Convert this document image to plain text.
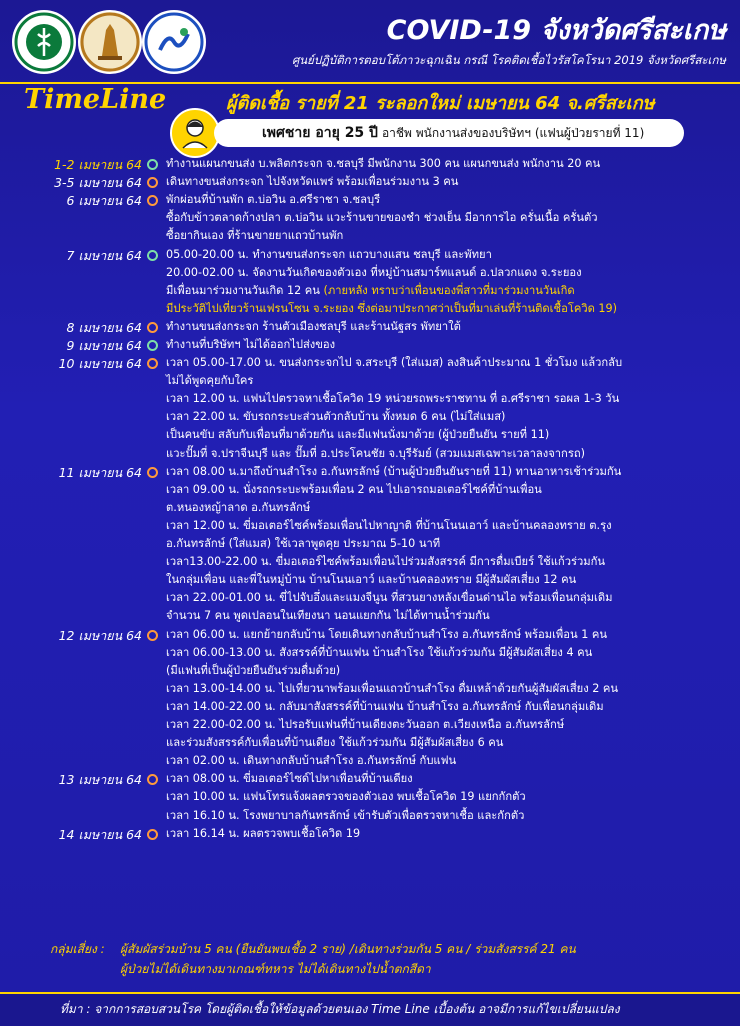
COVID-19 จังหวัดศรีสะเกษ
ศูนย์ปฏิบัติการตอบโต้ภาวะฉุกเฉิน กรณี โรคติดเชื้อไวรัสโคโรนา 2019 จังหวัดศรีสะเกษ
TimeLine	ผู้ติดเชื้อ รายที่ 21 ระลอกใหม่ เมษายน 64 จ.ศรีสะเกษ
เพศชาย อายุ 25 ปี อาชีพ พนักงานส่งของบริษัทฯ (แฟนผู้ป่วยรายที่ 11)
1-2 เมษายน 64 ทำงานแผนกขนส่ง บ.พลิตกระจก จ.ชลบุรี มีพนักงาน 300 คน แผนกขนส่ง พนักงาน 20 คน
3-5 เมษายน 64 เดินทางขนส่งกระจก ไปจังหวัดแพร่ พร้อมเพื่อนร่วมงาน 3 คน
6 เมษายน 64 พักผ่อนที่บ้านพัก ต.บ่อวิน อ.ศรีราชา จ.ชลบุรี
ซื้อกับข้าวตลาดก้างปลา ต.บ่อวิน แวะร้านขายของชำ ช่วงเย็น มีอาการไอ ครั่นเนื้อ ครั่นตัว
ซื้อยากินเอง ที่ร้านขายยาแถวบ้านพัก
7 เมษายน 64 05.00-20.00 น. ทำงานขนส่งกระจก แถวบางแสน ชลบุรี และพัทยา
20.00-02.00 น. จัดงานวันเกิดของตัวเอง ที่หมู่บ้านสมาร์ทแลนด์ อ.ปลวกแดง จ.ระยอง
มีเพื่อนมาร่วมงานวันเกิด 12 คน (ภายหลัง ทราบว่าเพื่อนของพี่สาวที่มาร่วมงานวันเกิด
มีประวัติไปเที่ยวร้านเฟรนโซน จ.ระยอง ซึ่งต่อมาประกาศว่าเป็นที่มาเล่นที่ร้านติดเชื้อโควิด 19)
8 เมษายน 64 ทำงานขนส่งกระจก ร้านตัวเมืองชลบุรี และร้านนัฐสร พัทยาใต้
9 เมษายน 64 ทำงานที่บริษัทฯ ไม่ได้ออกไปส่งของ
10 เมษายน 64 เวลา 05.00-17.00 น. ขนส่งกระจกไป จ.สระบุรี (ใส่แมส) ลงสินค้าประมาณ 1 ชั่วโมง แล้วกลับ
ไม่ได้พูดคุยกับใคร
เวลา 12.00 น. แฟนไปตรวจหาเชื้อโควิด 19 หน่วยรถพระราชทาน ที่ อ.ศรีราชา รอผล 1-3 วัน
เวลา 22.00 น. ขับรถกระบะส่วนตัวกลับบ้าน ทั้งหมด 6 คน (ไม่ใส่แมส)
เป็นคนขับ สลับกับเพื่อนที่มาด้วยกัน และมีแฟนนั่งมาด้วย (ผู้ป่วยยืนยัน รายที่ 11)
แวะปั๊มที่ จ.ปราจีนบุรี และ ปั๊มที่ อ.ประโคนชัย จ.บุรีรัมย์ (สวมแมสเฉพาะเวลาลงจากรถ)
11 เมษายน 64 เวลา 08.00 น.มาถึงบ้านสำโรง อ.กันทรลักษ์ (บ้านผู้ป่วยยืนยันรายที่ 11) ทานอาหารเช้าร่วมกัน
เวลา 09.00 น. นั่งรถกระบะพร้อมเพื่อน 2 คน ไปเอารถมอเตอร์ไซค์ที่บ้านเพื่อน
ต.หนองหญ้าลาด อ.กันทรลักษ์
เวลา 12.00 น. ขี่มอเตอร์ไซค์พร้อมเพื่อนไปหาญาติ ที่บ้านโนนเอาว์ และบ้านคลองทราย ต.รุง
อ.กันทรลักษ์ (ใส่แมส) ใช้เวลาพูดคุย ประมาณ 5-10 นาที
เวลา13.00-22.00 น. ขี่มอเตอร์ไซค์พร้อมเพื่อนไปร่วมสังสรรค์ มีการดื่มเบียร์ ใช้แก้วร่วมกัน
ในกลุ่มเพื่อน และพี่ในหมู่บ้าน บ้านโนนเอาว์ และบ้านคลองทราย มีผู้สัมผัสเสี่ยง 12 คน
เวลา 22.00-01.00 น. ขี่ไปจับอึ่งและแมงจีนูน ที่สวนยางหลังเขื่อนด่านไอ พร้อมเพื่อนกลุ่มเดิม
จำนวน 7 คน พูดเปลอนในเทียงนา นอนแยกกัน ไม่ได้ทานน้ำร่วมกัน
12 เมษายน 64 เวลา 06.00 น. แยกย้ายกลับบ้าน โดยเดินทางกลับบ้านสำโรง อ.กันทรลักษ์ พร้อมเพื่อน 1 คน
เวลา 06.00-13.00 น. สังสรรค์ที่บ้านแฟน บ้านสำโรง ใช้แก้วร่วมกัน มีผู้สัมผัสเสี่ยง 4 คน
(มีแฟนที่เป็นผู้ป่วยยืนยันร่วมดื่มด้วย)
เวลา 13.00-14.00 น. ไปเที่ยวนาพร้อมเพื่อนแถวบ้านสำโรง ดื่มเหล้าด้วยกันผู้สัมผัสเสี่ยง 2 คน
เวลา 14.00-22.00 น. กลับมาสังสรรค์ที่บ้านแฟน บ้านสำโรง อ.กันทรลักษ์ กับเพื่อนกลุ่มเดิม
เวลา 22.00-02.00 น. ไปรอรับแฟนที่บ้านเดียงตะวันออก ต.เวียงเหนือ อ.กันทรลักษ์
และร่วมสังสรรค์กับเพื่อนที่บ้านเดียง ใช้แก้วร่วมกัน มีผู้สัมผัสเสี่ยง 6 คน
เวลา 02.00 น. เดินทางกลับบ้านสำโรง อ.กันทรลักษ์ กับแฟน
13 เมษายน 64 เวลา 08.00 น. ขี่มอเตอร์ไซด์ไปหาเพื่อนที่บ้านเดียง
เวลา 10.00 น. แฟนโทรแจ้งผลตรวจของตัวเอง พบเชื้อโควิด 19 แยกกักตัว
เวลา 16.10 น. โรงพยาบาลกันทรลักษ์ เข้ารับตัวเพื่อตรวจหาเชื้อ และกักตัว
14 เมษายน 64 เวลา 16.14 น. ผลตรวจพบเชื้อโควิด 19
กลุ่มเสี่ยง : ผู้สัมผัสร่วมบ้าน 5 คน (ยืนยันพบเชื้อ 2 ราย) /เดินทางร่วมกัน 5 คน / ร่วมสังสรรค์ 21 คน
ผู้ป่วยไม่ได้เดินทางมาเกณฑ์ทหาร ไม่ได้เดินทางไปน้ำตกสีดา
ที่มา : จากการสอบสวนโรค โดยผู้ติดเชื้อให้ข้อมูลด้วยตนเอง Time Line เบื้องต้น อาจมีการแก้ไขเปลี่ยนแปลง
